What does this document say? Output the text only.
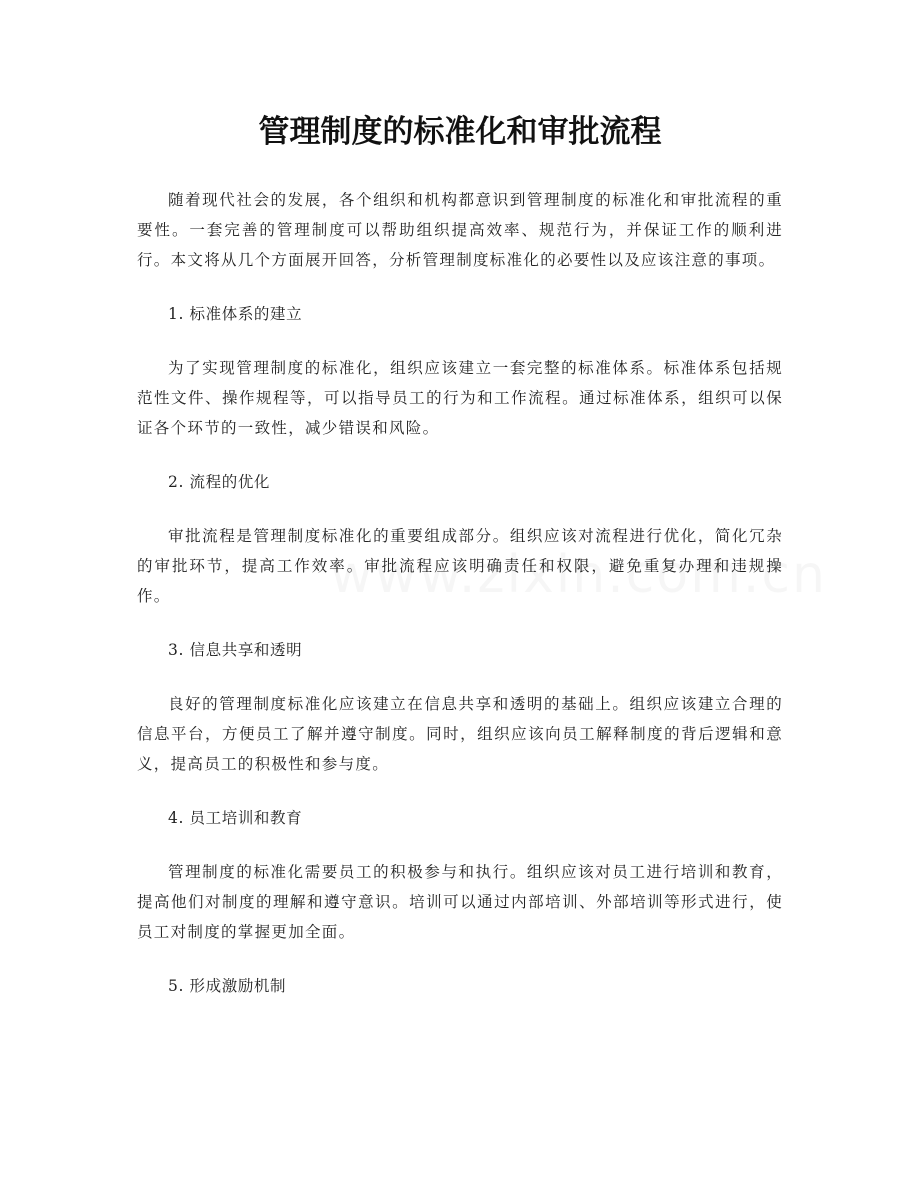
管理制度的标准化和审批流程

随着现代社会的发展，各个组织和机构都意识到管理制度的标准化和审批流程的重要性。一套完善的管理制度可以帮助组织提高效率、规范行为，并保证工作的顺利进行。本文将从几个方面展开回答，分析管理制度标准化的必要性以及应该注意的事项。

1. 标准体系的建立

为了实现管理制度的标准化，组织应该建立一套完整的标准体系。标准体系包括规范性文件、操作规程等，可以指导员工的行为和工作流程。通过标准体系，组织可以保证各个环节的一致性，减少错误和风险。

2. 流程的优化

审批流程是管理制度标准化的重要组成部分。组织应该对流程进行优化，简化冗杂的审批环节，提高工作效率。审批流程应该明确责任和权限，避免重复办理和违规操作。

3. 信息共享和透明

良好的管理制度标准化应该建立在信息共享和透明的基础上。组织应该建立合理的信息平台，方便员工了解并遵守制度。同时，组织应该向员工解释制度的背后逻辑和意义，提高员工的积极性和参与度。

4. 员工培训和教育

管理制度的标准化需要员工的积极参与和执行。组织应该对员工进行培训和教育，提高他们对制度的理解和遵守意识。培训可以通过内部培训、外部培训等形式进行，使员工对制度的掌握更加全面。

5. 形成激励机制
